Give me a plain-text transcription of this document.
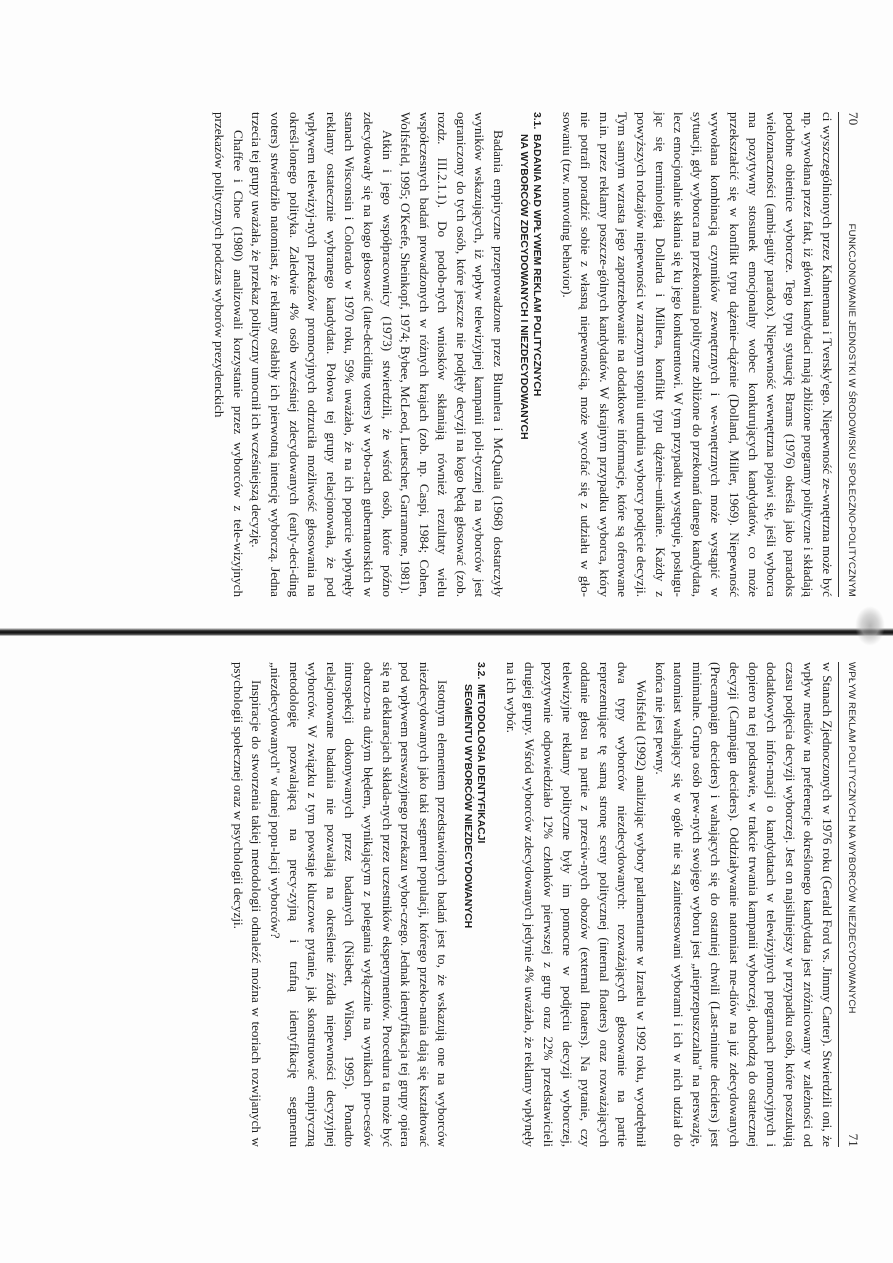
70
FUNKCJONOWANIE JEDNOSTKI W ŚRODOWISKU SPOŁECZNO-POLITYCZNYM

ci wyszczególnionych przez Kahnemana i Tversky'ego. Niepewność ze-wnętrzna może być np. wywołana przez fakt, iż główni kandydaci mają zbliżone programy polityczne i składają podobne obietnice wyborcze. Tego typu sytuację Brams (1976) określa jako paradoks wieloznaczności (ambi-guity paradox). Niepewność wewnętrzna pojawi się, jeśli wyborca ma pozytywny stosunek emocjonalny wobec konkurujących kandydatów, co może przekształcić się w konflikt typu dążenie–dążenie (Dolland, Miller, 1969). Niepewność wywołana kombinacją czynników zewnętrznych i we-wnętrznych może wystąpić w sytuacji, gdy wyborca ma przekonania polityczne zbliżone do przekonań danego kandydata, lecz emocjonalnie skłania się ku jego konkurentowi. W tym przypadku występuje, posługu-jąc się terminologią Dollarda i Millera, konflikt typu dążenie–unikanie. Każdy z powyższych rodzajów niepewności w znacznym stopniu utrudnia wyborcy podjęcie decyzji. Tym samym wzrasta jego zapotrzebowanie na dodatkowe informacje, które są oferowane m.in. przez reklamy poszcze-gólnych kandydatów. W skrajnym przypadku wyborca, który nie potrafi poradzić sobie z własną niepewnością, może wycofać się z udziału w gło-sowaniu (tzw. nonvoting behavior).

3.1.BADANIA NAD WPŁYWEM REKLAM POLITYCZNYCH
NA WYBORCÓW ZDECYDOWANYCH I NIEZDECYDOWANYCH

Badania empiryczne przeprowadzone przez Blumlera i McQuaila (1968) dostarczyły wyników wskazujących, iż wpływ telewizyjnej kampanii poli-tycznej na wyborców jest ograniczony do tych osób, które jeszcze nie podjęły decyzji na kogo będą głosować (zob. rozdz. III.2.1.1). Do podob-nych wniosków skłaniają również rezultaty wielu współczesnych badań prowadzonych w różnych krajach (zob. np. Caspi, 1984; Cohen, Wolfsfeld, 1995; O'Keefe, Sheinkopf, 1974; Bybee, McLeod, Luetscher, Garramone, 1981).

Atkin i jego współpracownicy (1973) stwierdzili, że wśród osób, które późno zdecydowały się na kogo głosować (late-deciding voters) w wybo-rach gubernatorskich w stanach Wisconsin i Colorado w 1970 roku, 59% uważało, że na ich poparcie wpłynęły reklamy ostatecznie wybranego kandydata. Połowa tej grupy relacjonowała, że pod wpływem telewizyj-nych przekazów promocyjnych odrzuciła możliwość głosowania na określ-lonego polityka. Zaledwie 4% osób wcześniej zdecydowanych (early-deci-ding voters) stwierdziło natomiast, że reklamy osłabiły ich pierwotną intencję wyborczą. Jedna trzecia tej grupy uważała, że przekaz polityczny umocnił ich wcześniejszą decyzję.

Chaffee i Choe (1980) analizowali korzystanie przez wyborców z tele-wizyjnych przekazów politycznych podczas wyborów prezydenckich

WPŁYW REKLAM POLITYCZNYCH NA WYBORCÓW NIEZDECYDOWANYCH
71

w Stanach Zjednoczonych w 1976 roku (Gerald Ford vs. Jimmy Carter). Stwierdzili oni, że wpływ mediów na preferencje określonego kandydata jest zróżnicowany w zależności od czasu podjęcia decyzji wyborczej. Jest on najsilniejszy w przypadku osób, które poszukują dodatkowych infor-macji o kandydatach w telewizyjnych programach promocyjnych i dopiero na tej podstawie, w trakcie trwania kampanii wyborczej, dochodzą do ostatecznej decyzji (Campaign deciders). Oddziaływanie natomiast me-diów na już zdecydowanych (Precampaign deciders) i wahających się do ostatniej chwili (Last-minute deciders) jest minimalne. Grupa osób pew-nych swojego wyboru jest „nieprzepuszczalna" na perswazję, natomiast wahający się w ogóle nie są zainteresowani wyborami i ich w nich udział do końca nie jest pewny.

Wolfsfeld (1992) analizując wybory parlamentarne w Izraelu w 1992 roku, wyodrębnił dwa typy wyborców niezdecydowanych: rozważających głosowanie na partie reprezentujące tę samą stronę sceny politycznej (internal floaters) oraz rozważających oddanie głosu na partie z przeciw-nych obozów (external floaters). Na pytanie, czy telewizyjne reklamy polityczne były im pomocne w podjęciu decyzji wyborczej, pozytywnie odpowiedziało 12% członków pierwszej z grup oraz 22% przedstawicieli drugiej grupy. Wśród wyborców zdecydowanych jedynie 4% uważało, że reklamy wpłynęły na ich wybór.

3.2.METODOLOGIA IDENTYFIKACJI
SEGMENTU WYBORCÓW NIEZDECYDOWANYCH

Istotnym elementem przedstawionych badań jest to, że wskazują one na wyborców niezdecydowanych jako taki segment populacji, którego przeko-nania dają się kształtować pod wpływem perswazyjnego przekazu wybor-czego. Jednak identyfikacja tej grupy opiera się na deklaracjach składa-nych przez uczestników eksperymentów. Procedura ta może być obarczo-na dużym błędem, wynikającym z polegania wyłącznie na wynikach pro-cesów introspekcji dokonywanych przez badanych (Nisbett, Wilson, 1995). Ponadto relacjonowane badania nie pozwalają na określenie źródła niepewności decyzyjnej wyborców. W związku z tym powstaje kluczowe pytanie, jak skonstruować empiryczną metodologię pozwalającą na precy-zyjną i trafną identyfikację segmentu „niezdecydowanych" w danej popu-lacji wyborców?

Inspiracje do stworzenia takiej metodologii odnaleźć można w teoriach rozwijanych w psychologii społecznej oraz w psychologii decyzji.
